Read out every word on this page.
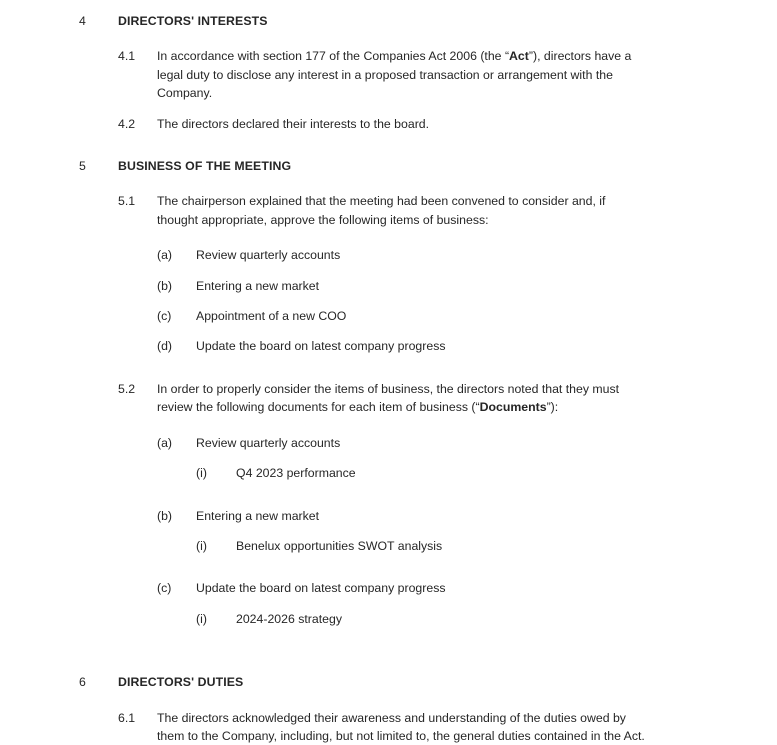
4	DIRECTORS' INTERESTS
4.1 In accordance with section 177 of the Companies Act 2006 (the “Act”), directors have a
legal duty to disclose any interest in a proposed transaction or arrangement with the
Company.
4.2 The directors declared their interests to the board.
5	BUSINESS OF THE MEETING
5.1 The chairperson explained that the meeting had been convened to consider and, if
thought appropriate, approve the following items of business:
(a) Review quarterly accounts
(b) Entering a new market
(c) Appointment of a new COO
(d) Update the board on latest company progress
5.2 In order to properly consider the items of business, the directors noted that they must
review the following documents for each item of business (“Documents”):
(a) Review quarterly accounts
(i) Q4 2023 performance
(b) Entering a new market
(i) Benelux opportunities SWOT analysis
(c) Update the board on latest company progress
(i) 2024-2026 strategy
6	DIRECTORS' DUTIES
6.1 The directors acknowledged their awareness and understanding of the duties owed by
them to the Company, including, but not limited to, the general duties contained in the Act.
